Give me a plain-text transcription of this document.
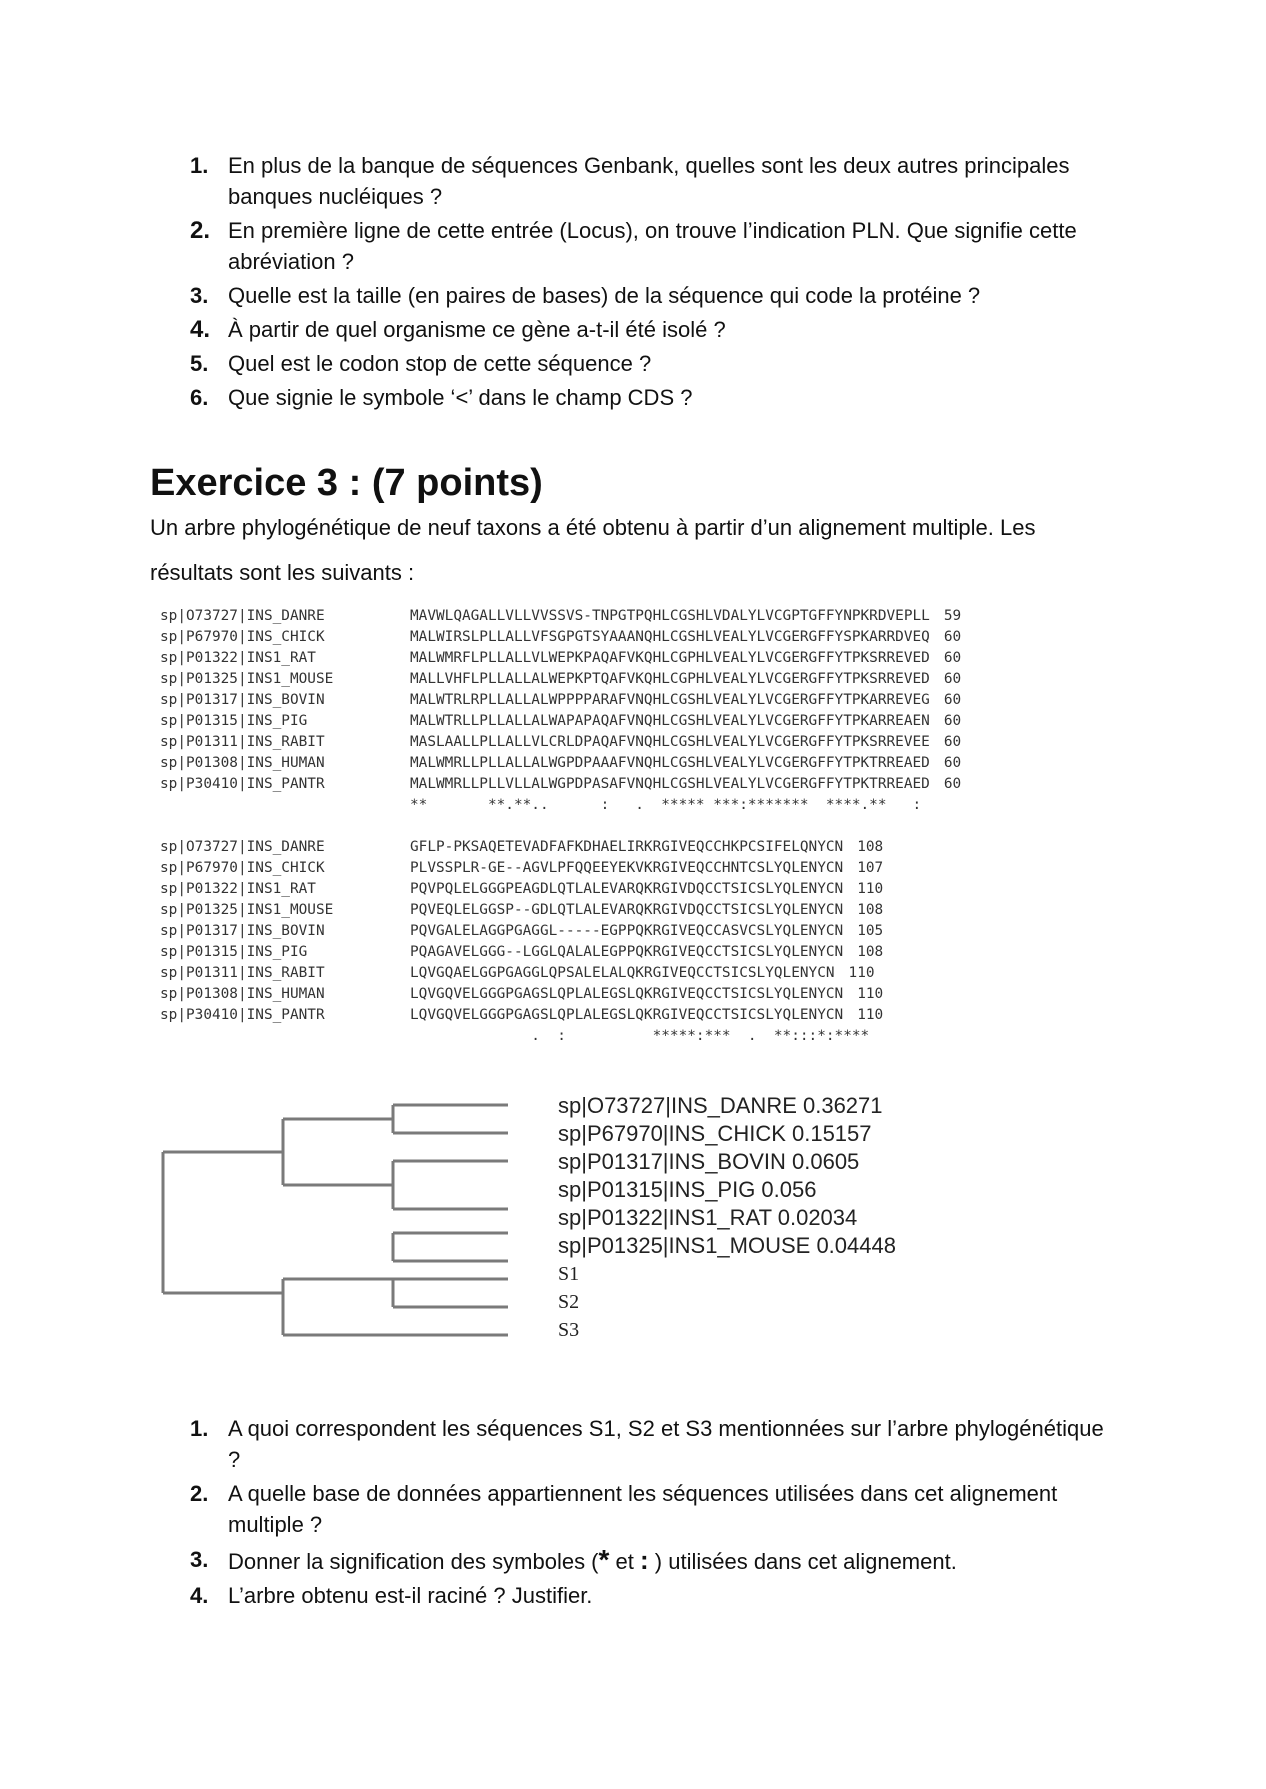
1. En plus de la banque de séquences Genbank, quelles sont les deux autres principales banques nucléiques ?
2. En première ligne de cette entrée (Locus), on trouve l’indication PLN. Que signifie cette abréviation ?
3. Quelle est la taille (en paires de bases) de la séquence qui code la protéine ?
4. À partir de quel organisme ce gène a-t-il été isolé ?
5. Quel est le codon stop de cette séquence ?
6. Que signie le symbole ‘<’ dans le champ CDS ?
Exercice 3 : (7 points)

Un arbre phylogénétique de neuf taxons a été obtenu à partir d’un alignement multiple. Les

résultats sont les suivants :

sp|O73727|INS_DANRE	MAVWLQAGALLVLLVVSSVS-TNPGTPQHLCGSHLVDALYLVCGPTGFFYNPKRDVEPLL 59
sp|P67970|INS_CHICK	MALWIRSLPLLALLVFSGPGTSYAAANQHLCGSHLVEALYLVCGERGFFYSPKARRDVEQ 60
sp|P01322|INS1_RAT	MALWMRFLPLLALLVLWEPKPAQAFVKQHLCGPHLVEALYLVCGERGFFYTPKSRREVED 60
sp|P01325|INS1_MOUSE	MALLVHFLPLLALLALWEPKPTQAFVKQHLCGPHLVEALYLVCGERGFFYTPKSRREVED 60
sp|P01317|INS_BOVIN	MALWTRLRPLLALLALWPPPPARAFVNQHLCGSHLVEALYLVCGERGFFYTPKARREVEG 60
sp|P01315|INS_PIG	MALWTRLLPLLALLALWAPAPAQAFVNQHLCGSHLVEALYLVCGERGFFYTPKARREAEN 60
sp|P01311|INS_RABIT	MASLAALLPLLALLVLCRLDPAQAFVNQHLCGSHLVEALYLVCGERGFFYTPKSRREVEE 60
sp|P01308|INS_HUMAN	MALWMRLLPLLALLALWGPDPAAAFVNQHLCGSHLVEALYLVCGERGFFYTPKTRREAED 60
sp|P30410|INS_PANTR	MALWMRLLPLLVLLALWGPDPASAFVNQHLCGSHLVEALYLVCGERGFFYTPKTRREAED 60
**       **.**..      :   .  ***** ***:*******  ****.**   :
sp|O73727|INS_DANRE	GFLP-PKSAQETEVADFAFKDHAELIRKRGIVEQCCHKPCSIFELQNYCN 108
sp|P67970|INS_CHICK	PLVSSPLR-GE--AGVLPFQQEEYEKVKRGIVEQCCHNTCSLYQLENYCN 107
sp|P01322|INS1_RAT	PQVPQLELGGGPEAGDLQTLALEVARQKRGIVDQCCTSICSLYQLENYCN 110
sp|P01325|INS1_MOUSE	PQVEQLELGGSP--GDLQTLALEVARQKRGIVDQCCTSICSLYQLENYCN 108
sp|P01317|INS_BOVIN	PQVGALELAGGPGAGGL-----EGPPQKRGIVEQCCASVCSLYQLENYCN 105
sp|P01315|INS_PIG	PQAGAVELGGG--LGGLQALALEGPPQKRGIVEQCCTSICSLYQLENYCN 108
sp|P01311|INS_RABIT	LQVGQAELGGPGAGGLQPSALELALQKRGIVEQCCTSICSLYQLENYCN 110
sp|P01308|INS_HUMAN	LQVGQVELGGGPGAGSLQPLALEGSLQKRGIVEQCCTSICSLYQLENYCN 110
sp|P30410|INS_PANTR	LQVGQVELGGGPGAGSLQPLALEGSLQKRGIVEQCCTSICSLYQLENYCN 110
.  :          *****:***  .  **:::*:****
sp|O73727|INS_DANRE 0.36271
sp|P67970|INS_CHICK 0.15157
sp|P01317|INS_BOVIN 0.0605
sp|P01315|INS_PIG 0.056
sp|P01322|INS1_RAT 0.02034
sp|P01325|INS1_MOUSE 0.04448
S1
S2
S3
1. A quoi correspondent les séquences S1, S2 et S3 mentionnées sur l’arbre phylogénétique ?
2. A quelle base de données appartiennent les séquences utilisées dans cet alignement multiple ?
3. Donner la signification des symboles (* et : ) utilisées dans cet alignement.
4. L’arbre obtenu est-il raciné ? Justifier.
